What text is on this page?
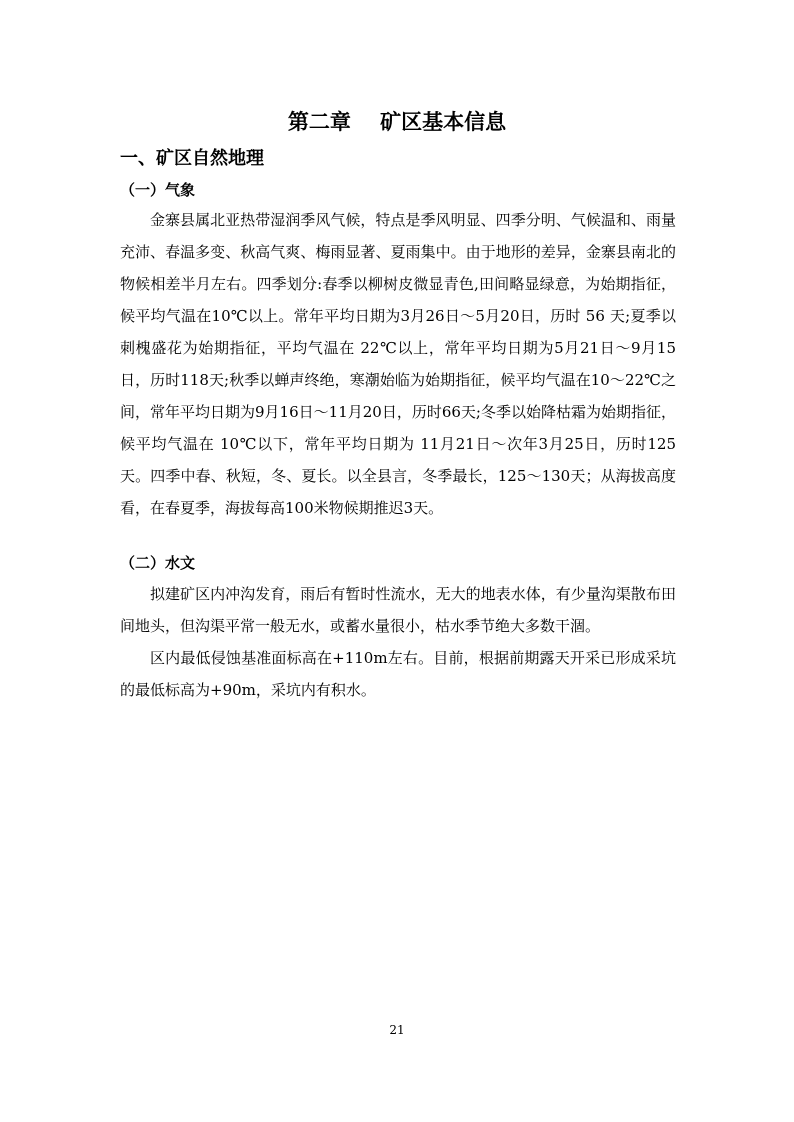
第二章    矿区基本信息
一、矿区自然地理
（一）气象

金寨县属北亚热带湿润季风气候，特点是季风明显、四季分明、气候温和、雨量充沛、春温多变、秋高气爽、梅雨显著、夏雨集中。由于地形的差异，金寨县南北的物候相差半月左右。四季划分:春季以柳树皮微显青色,田间略显绿意，为始期指征，候平均气温在10℃以上。常年平均日期为3月26日～5月20日，历时 56 天;夏季以刺槐盛花为始期指征，平均气温在 22℃以上，常年平均日期为5月21日～9月15日，历时118天;秋季以蝉声终绝，寒潮始临为始期指征，候平均气温在10～22℃之间，常年平均日期为9月16日～11月20日，历时66天;冬季以始降枯霜为始期指征，候平均气温在 10℃以下，常年平均日期为 11月21日～次年3月25日，历时125天。四季中春、秋短，冬、夏长。以全县言，冬季最长，125～130天；从海拔高度看，在春夏季，海拔每高100米物候期推迟3天。

（二）水文

拟建矿区内冲沟发育，雨后有暂时性流水，无大的地表水体，有少量沟渠散布田间地头，但沟渠平常一般无水，或蓄水量很小，枯水季节绝大多数干涸。

区内最低侵蚀基准面标高在+110m左右。目前，根据前期露天开采已形成采坑的最低标高为+90m，采坑内有积水。

21
